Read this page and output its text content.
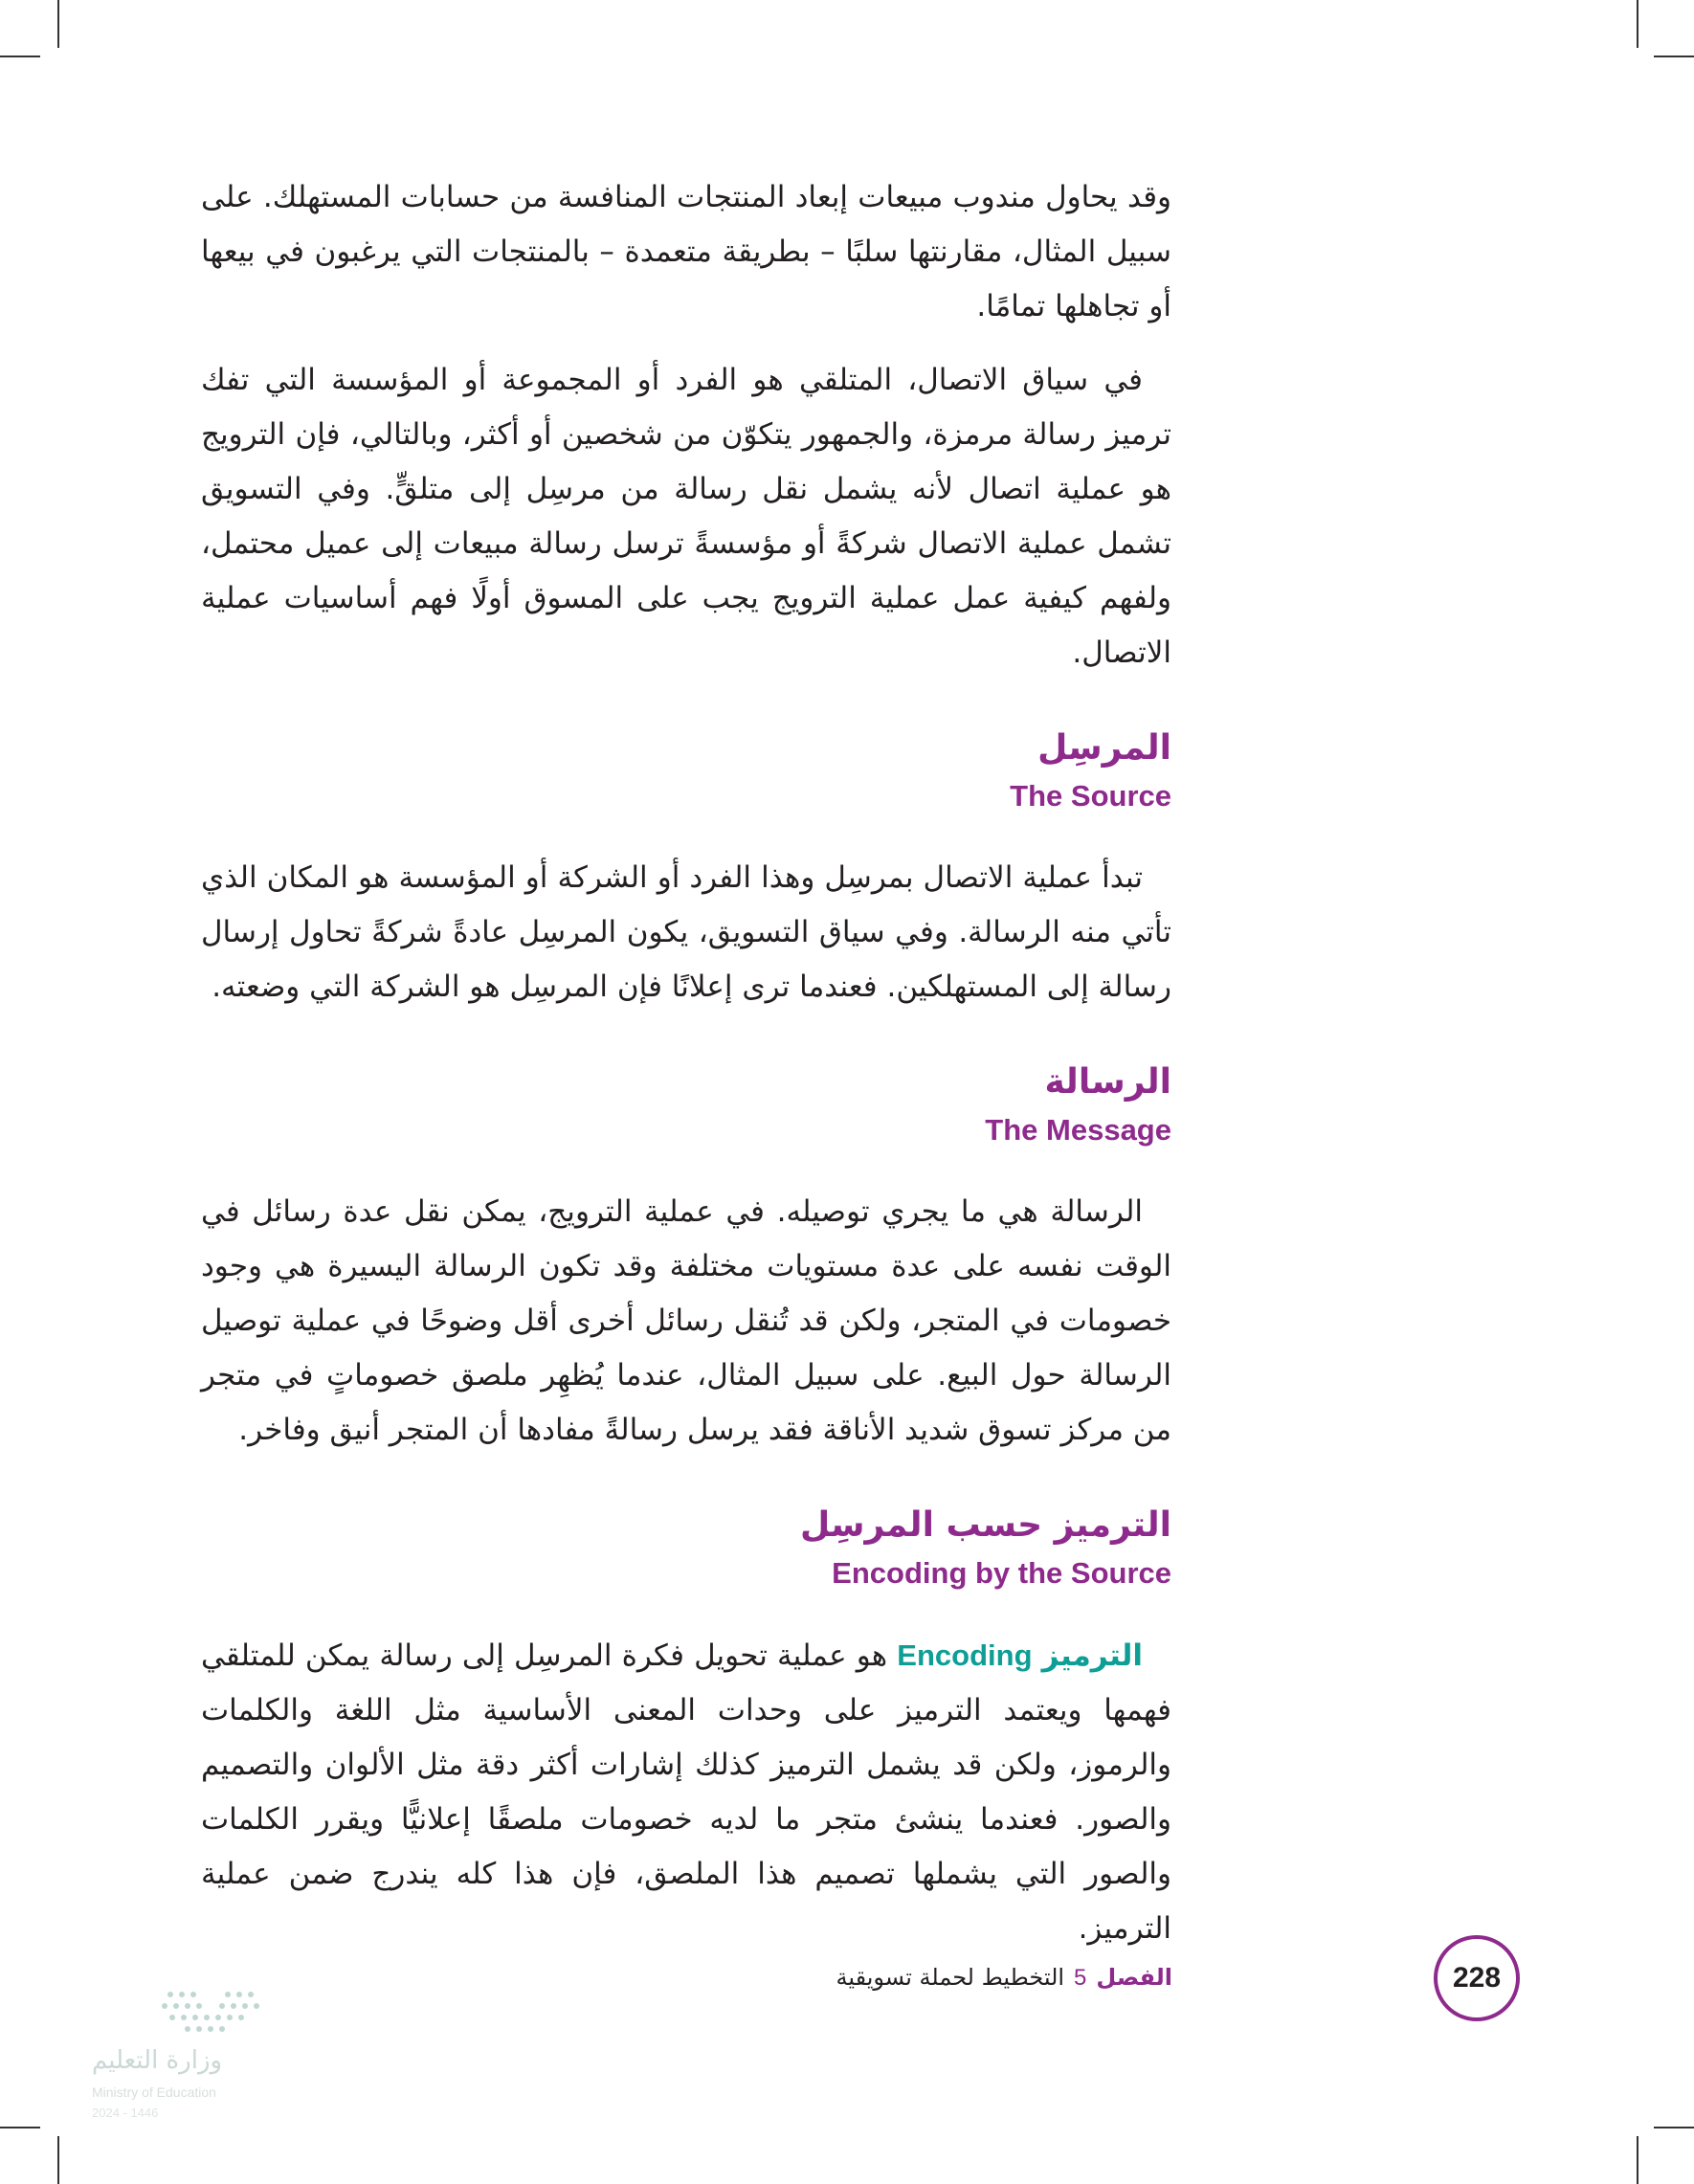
وقد يحاول مندوب مبيعات إبعاد المنتجات المنافسة من حسابات المستهلك. على سبيل المثال، مقارنتها سلبًا – بطريقة متعمدة – بالمنتجات التي يرغبون في بيعها أو تجاهلها تمامًا.

في سياق الاتصال، المتلقي هو الفرد أو المجموعة أو المؤسسة التي تفك ترميز رسالة مرمزة، والجمهور يتكوّن من شخصين أو أكثر، وبالتالي، فإن الترويج هو عملية اتصال لأنه يشمل نقل رسالة من مرسِل إلى متلقٍّ. وفي التسويق تشمل عملية الاتصال شركةً أو مؤسسةً ترسل رسالة مبيعات إلى عميل محتمل، ولفهم كيفية عمل عملية الترويج يجب على المسوق أولًا فهم أساسيات عملية الاتصال.

المرسِل

The Source

تبدأ عملية الاتصال بمرسِل وهذا الفرد أو الشركة أو المؤسسة هو المكان الذي تأتي منه الرسالة. وفي سياق التسويق، يكون المرسِل عادةً شركةً تحاول إرسال رسالة إلى المستهلكين. فعندما ترى إعلانًا فإن المرسِل هو الشركة التي وضعته.

الرسالة

The Message

الرسالة هي ما يجري توصيله. في عملية الترويج، يمكن نقل عدة رسائل في الوقت نفسه على عدة مستويات مختلفة وقد تكون الرسالة اليسيرة هي وجود خصومات في المتجر، ولكن قد تُنقل رسائل أخرى أقل وضوحًا في عملية توصيل الرسالة حول البيع. على سبيل المثال، عندما يُظهِر ملصق خصوماتٍ في متجر من مركز تسوق شديد الأناقة فقد يرسل رسالةً مفادها أن المتجر أنيق وفاخر.

الترميز حسب المرسِل

Encoding by the Source

الترميز Encoding هو عملية تحويل فكرة المرسِل إلى رسالة يمكن للمتلقي فهمها ويعتمد الترميز على وحدات المعنى الأساسية مثل اللغة والكلمات والرموز، ولكن قد يشمل الترميز كذلك إشارات أكثر دقة مثل الألوان والتصميم والصور. فعندما ينشئ متجر ما لديه خصومات ملصقًا إعلانيًّا ويقرر الكلمات والصور التي يشملها تصميم هذا الملصق، فإن هذا كله يندرج ضمن عملية الترميز.

228
الفصل5التخطيط لحملة تسويقية
وزارة التعليم
Ministry of Education
2024 - 1446
